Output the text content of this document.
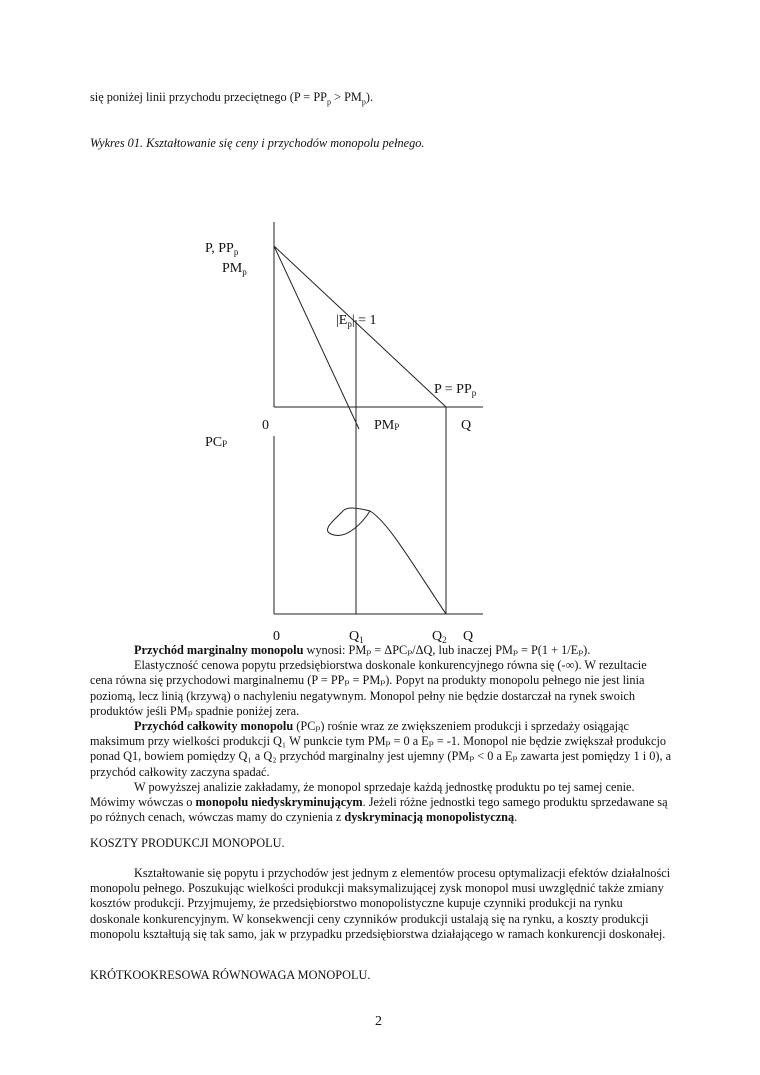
się poniżej linii przychodu przeciętnego $(P = PP_p > PM_p)$.
Wykres 01. Kształtowanie się ceny i przychodów monopolu pełnego.
P, $PP_p$
$PM_p$
$|E_p| = 1$
$P = PP_p$
0	PMP	Q
PCP
0	$Q_1$	$Q_2$ Q

Przychód marginalny monopolu wynosi: PMₚ = ΔPCₚ/ΔQ, lub inaczej PMₚ = P(1 + 1/Eₚ).

Elastyczność cenowa popytu przedsiębiorstwa doskonale konkurencyjnego równa się (-∞). W rezultacie cena równa się przychodowi marginalnemu (P = PPₚ = PMₚ). Popyt na produkty monopolu pełnego nie jest linia poziomą, lecz linią (krzywą) o nachyleniu negatywnym. Monopol pełny nie będzie dostarczał na rynek swoich produktów jeśli PMₚ spadnie poniżej zera.

Przychód całkowity monopolu (PCₚ) rośnie wraz ze zwiększeniem produkcji i sprzedaży osiągając maksimum przy wielkości produkcji Q₁ W punkcie tym PMₚ = 0 a Eₚ = -1. Monopol nie będzie zwiększał produkcjo ponad Q1, bowiem pomiędzy Q₁ a Q₂ przychód marginalny jest ujemny (PMₚ < 0 a Eₚ zawarta jest pomiędzy 1 i 0), a przychód całkowity zaczyna spadać.

W powyższej analizie zakładamy, że monopol sprzedaje każdą jednostkę produktu po tej samej cenie. Mówimy wówczas o monopolu niedyskryminującym. Jeżeli różne jednostki tego samego produktu sprzedawane są po różnych cenach, wówczas mamy do czynienia z dyskryminacją monopolistyczną.

KOSZTY PRODUKCJI MONOPOLU.

Kształtowanie się popytu i przychodów jest jednym z elementów procesu optymalizacji efektów działalności monopolu pełnego. Poszukując wielkości produkcji maksymalizującej zysk monopol musi uwzględnić także zmiany kosztów produkcji. Przyjmujemy, że przedsiębiorstwo monopolistyczne kupuje czynniki produkcji na rynku doskonale konkurencyjnym. W konsekwencji ceny czynników produkcji ustalają się na rynku, a koszty produkcji monopolu kształtują się tak samo, jak w przypadku przedsiębiorstwa działającego w ramach konkurencji doskonałej.

KRÓTKOOKRESOWA RÓWNOWAGA MONOPOLU.
2
